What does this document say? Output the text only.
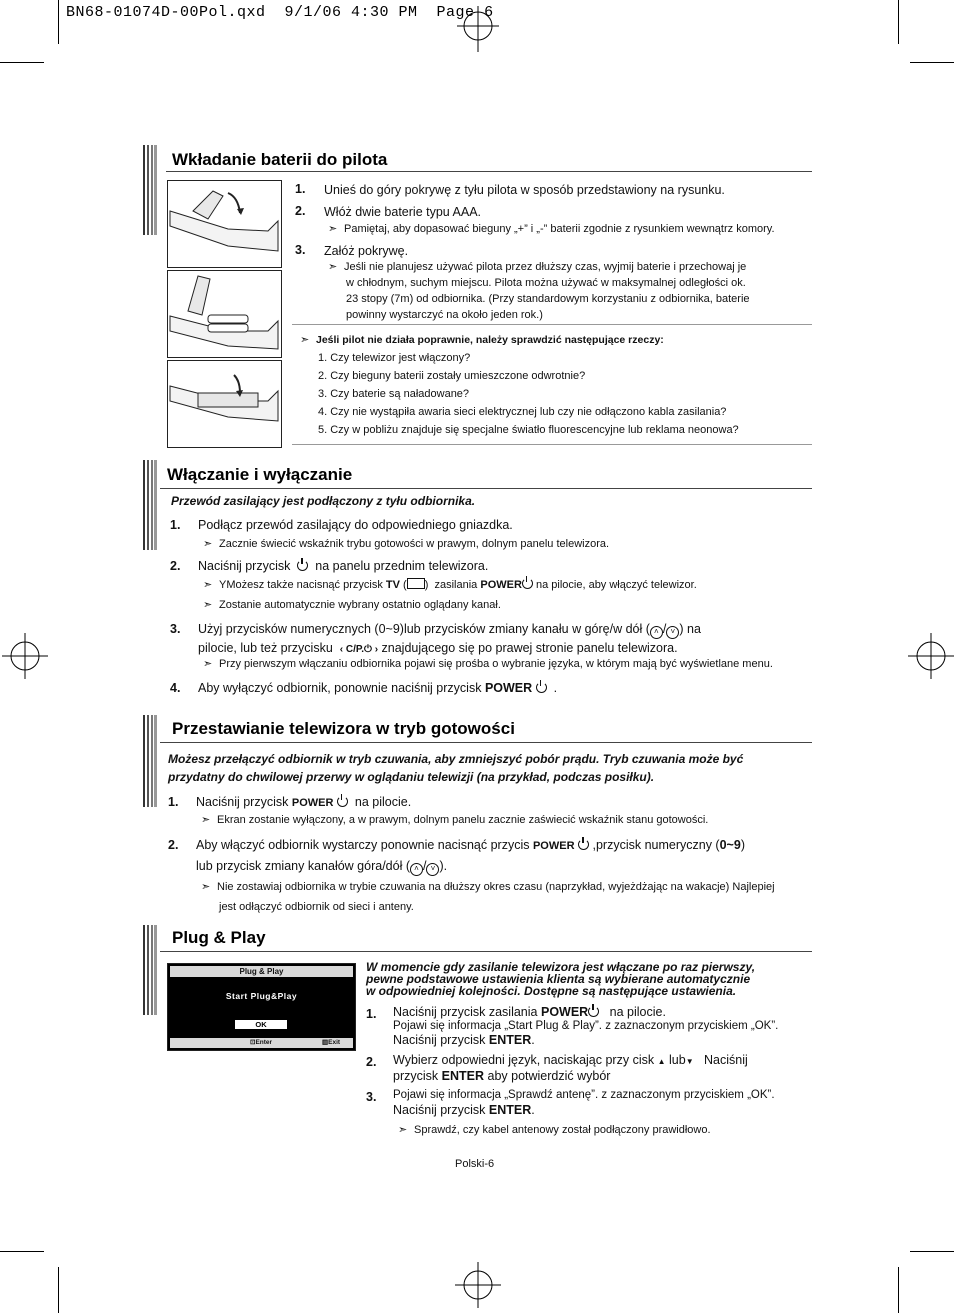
BN68-01074D-00Pol.qxd  9/1/06 4:30 PM  Page 6
Wkładanie baterii do pilota
1. Unieś do góry pokrywę z tyłu pilota w sposób przedstawiony na rysunku.
2. Włóż dwie baterie typu AAA.
➣ Pamiętaj, aby dopasować bieguny „+” i „-” baterii zgodnie z rysunkiem wewnątrz komory.
3. Załóż pokrywę.
➣ Jeśli nie planujesz używać pilota przez dłuższy czas, wyjmij baterie i przechowaj je
w chłodnym, suchym miejscu. Pilota można używać w maksymalnej odległości ok.
23 stopy (7m) od odbiornika. (Przy standardowym korzystaniu z odbiornika, baterie
powinny wystarczyć na około jeden rok.)
➣ Jeśli pilot nie działa poprawnie, należy sprawdzić następujące rzeczy:
1. Czy telewizor jest włączony?
2. Czy bieguny baterii zostały umieszczone odwrotnie?
3. Czy baterie są naładowane?
4. Czy nie wystąpiła awaria sieci elektrycznej lub czy nie odłączono kabla zasilania?
5. Czy w pobliżu znajduje się specjalne światło fluorescencyjne lub reklama neonowa?
Włączanie i wyłączanie
Przewód zasilający jest podłączony z tyłu odbiornika.
1. Podłącz przewód zasilający do odpowiedniego gniazdka.
➣ Zacznie świecić wskaźnik trybu gotowości w prawym, dolnym panelu telewizora.
2. Naciśnij przycisk na panelu przednim telewizora.
➣ YMożesz także nacisnąć przycisk TV ( )  zasilania POWER na pilocie, aby włączyć telewizor.
➣ Zostanie automatycznie wybrany ostatnio oglądany kanał.
3. Użyj przycisków numerycznych (0~9)lub przycisków zmiany kanału w górę/w dół ( ˄ / ˅ ) na
pilocie, lub też przycisku ‹ C/P.⏻ › znajdującego się po prawej stronie panelu telewizora.
➣ Przy pierwszym włączaniu odbiornika pojawi się prośba o wybranie języka, w którym mają być wyświetlane menu.
4. Aby wyłączyć odbiornik, ponownie naciśnij przycisk POWER .
Przestawianie telewizora w tryb gotowości
Możesz przełączyć odbiornik w tryb czuwania, aby zmniejszyć pobór prądu. Tryb czuwania może być
przydatny do chwilowej przerwy w oglądaniu telewizji (na przykład, podczas posiłku).
1. Naciśnij przycisk POWER na pilocie.
➣ Ekran zostanie wyłączony, a w prawym, dolnym panelu zacznie zaświecić wskaźnik stanu gotowości.
2. Aby włączyć odbiornik wystarczy ponownie nacisnąć przycis POWER ,przycisk numeryczny (0~9)
lub przycisk zmiany kanałów góra/dół ( ˄ / ˅ ).
➣ Nie zostawiaj odbiornika w trybie czuwania na dłuższy okres czasu (naprzykład, wyjeżdżając na wakacje) Najlepiej
jest odłączyć odbiornik od sieci i anteny.
Plug & Play
Plug & Play
Start Plug&Play
OK
⊡Enter	▥Exit
W momencie gdy zasilanie telewizora jest włączane po raz pierwszy,
pewne podstawowe ustawienia klienta są wybierane automatycznie
w odpowiedniej kolejności. Dostępne są następujące ustawienia.
1. Naciśnij przycisk zasilania POWER na pilocie.
Pojawi się informacja „Start Plug & Play”. z zaznaczonym przyciskiem „OK”.
Naciśnij przycisk ENTER.
2. Wybierz odpowiedni język, naciskając przy cisk ▲ lub▼ Naciśnij
przycisk ENTER aby potwierdzić wybór
3. Pojawi się informacja „Sprawdź antenę”. z zaznaczonym przyciskiem „OK”.
Naciśnij przycisk ENTER.
➣ Sprawdź, czy kabel antenowy został podłączony prawidłowo.
Polski-6
